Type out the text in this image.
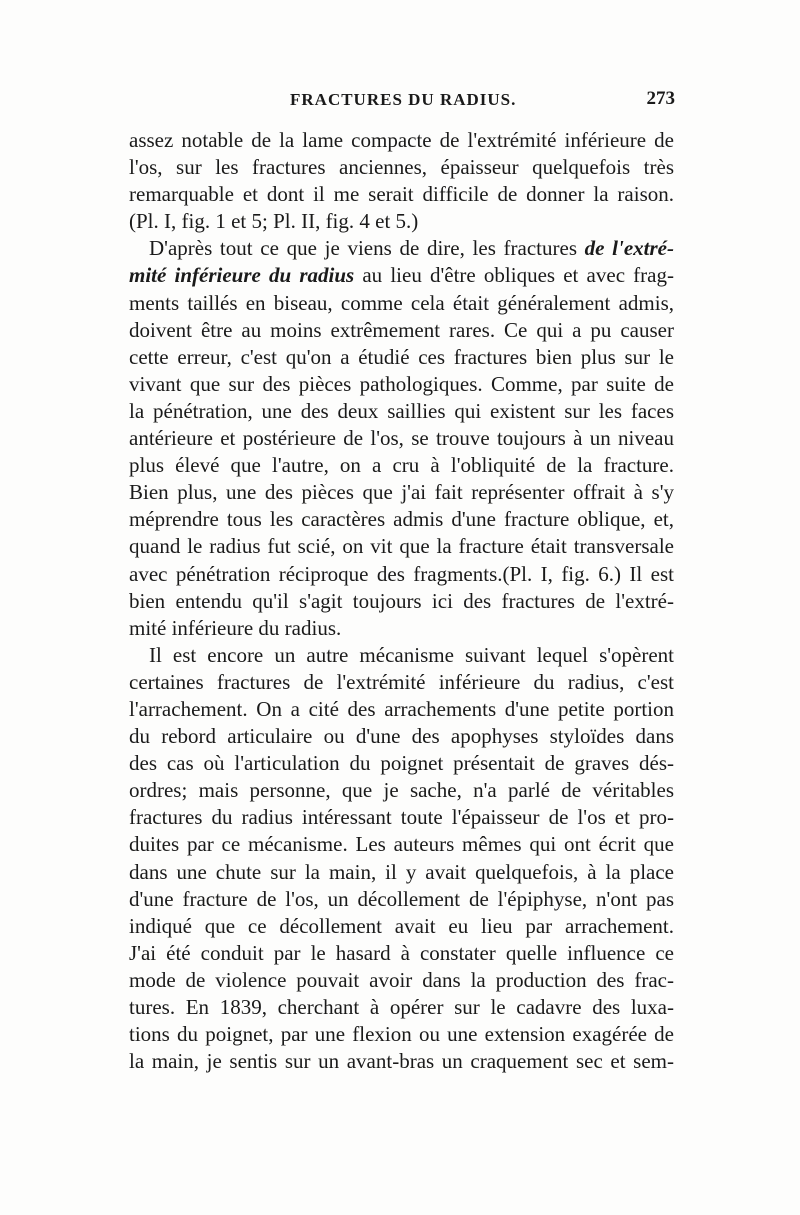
FRACTURES DU RADIUS.	273
assez notable de la lame compacte de l'extrémité inférieure de
l'os, sur les fractures anciennes, épaisseur quelquefois très
remarquable et dont il me serait difficile de donner la raison.
(Pl. I, fig. 1 et 5; Pl. II, fig. 4 et 5.)
D'après tout ce que je viens de dire, les fractures de l'extré-
mité inférieure du radius au lieu d'être obliques et avec frag-
ments taillés en biseau, comme cela était généralement admis,
doivent être au moins extrêmement rares. Ce qui a pu causer
cette erreur, c'est qu'on a étudié ces fractures bien plus sur le
vivant que sur des pièces pathologiques. Comme, par suite de
la pénétration, une des deux saillies qui existent sur les faces
antérieure et postérieure de l'os, se trouve toujours à un niveau
plus élevé que l'autre, on a cru à l'obliquité de la fracture.
Bien plus, une des pièces que j'ai fait représenter offrait à s'y
méprendre tous les caractères admis d'une fracture oblique, et,
quand le radius fut scié, on vit que la fracture était transversale
avec pénétration réciproque des fragments.(Pl. I, fig. 6.) Il est
bien entendu qu'il s'agit toujours ici des fractures de l'extré-
mité inférieure du radius.
Il est encore un autre mécanisme suivant lequel s'opèrent
certaines fractures de l'extrémité inférieure du radius, c'est
l'arrachement. On a cité des arrachements d'une petite portion
du rebord articulaire ou d'une des apophyses styloïdes dans
des cas où l'articulation du poignet présentait de graves dés-
ordres; mais personne, que je sache, n'a parlé de véritables
fractures du radius intéressant toute l'épaisseur de l'os et pro-
duites par ce mécanisme. Les auteurs mêmes qui ont écrit que
dans une chute sur la main, il y avait quelquefois, à la place
d'une fracture de l'os, un décollement de l'épiphyse, n'ont pas
indiqué que ce décollement avait eu lieu par arrachement.
J'ai été conduit par le hasard à constater quelle influence ce
mode de violence pouvait avoir dans la production des frac-
tures. En 1839, cherchant à opérer sur le cadavre des luxa-
tions du poignet, par une flexion ou une extension exagérée de
la main, je sentis sur un avant-bras un craquement sec et sem-
